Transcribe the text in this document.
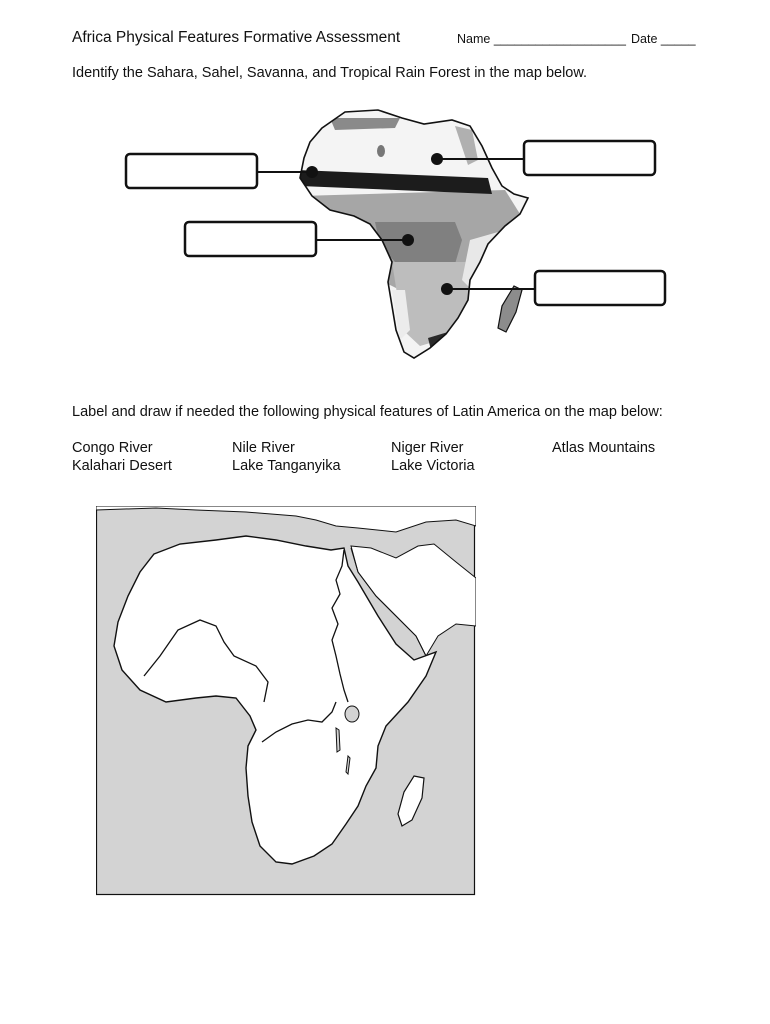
Africa Physical Features Formative Assessment	Name ___________________ Date _____
Identify the Sahara, Sahel, Savanna, and Tropical Rain Forest in the map below.
Label and draw if needed the following physical features of Latin America on the map below:
Congo River
Kalahari Desert
Nile River
Lake Tanganyika
Niger River
Lake Victoria
Atlas Mountains
